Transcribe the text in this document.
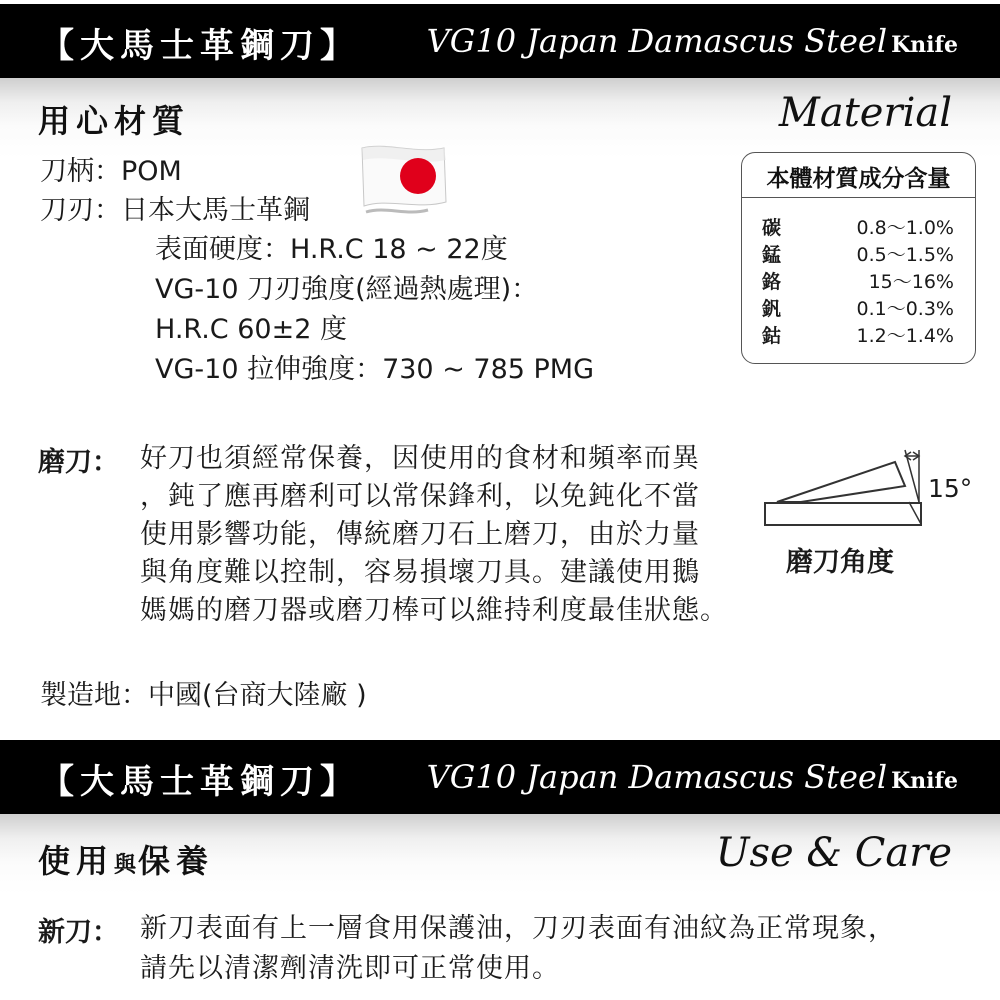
【大馬士革鋼刀】 VG10 Japan Damascus Steel Knife
用心材質	Material
刀柄：POM
刀刃：日本大馬士革鋼
表面硬度：H.R.C 18 ~ 22度
VG-10 刀刃強度(經過熱處理)：
H.R.C 60±2 度
VG-10 拉伸強度：730 ~ 785 PMG
本體材質成分含量
碳	0.8～1.0%
錳	0.5～1.5%
鉻	15～16%
釩	0.1～0.3%
鈷	1.2～1.4%
磨刀： 好刀也須經常保養，因使用的食材和頻率而異
，鈍了應再磨利可以常保鋒利，以免鈍化不當
使用影響功能，傳統磨刀石上磨刀，由於力量
與角度難以控制，容易損壞刀具。建議使用鵝
媽媽的磨刀器或磨刀棒可以維持利度最佳狀態。
15°
磨刀角度
製造地：中國(台商大陸廠 )
【大馬士革鋼刀】 VG10 Japan Damascus Steel Knife
使用與保養	Use & Care
新刀： 新刀表面有上一層食用保護油，刀刃表面有油紋為正常現象，
請先以清潔劑清洗即可正常使用。
